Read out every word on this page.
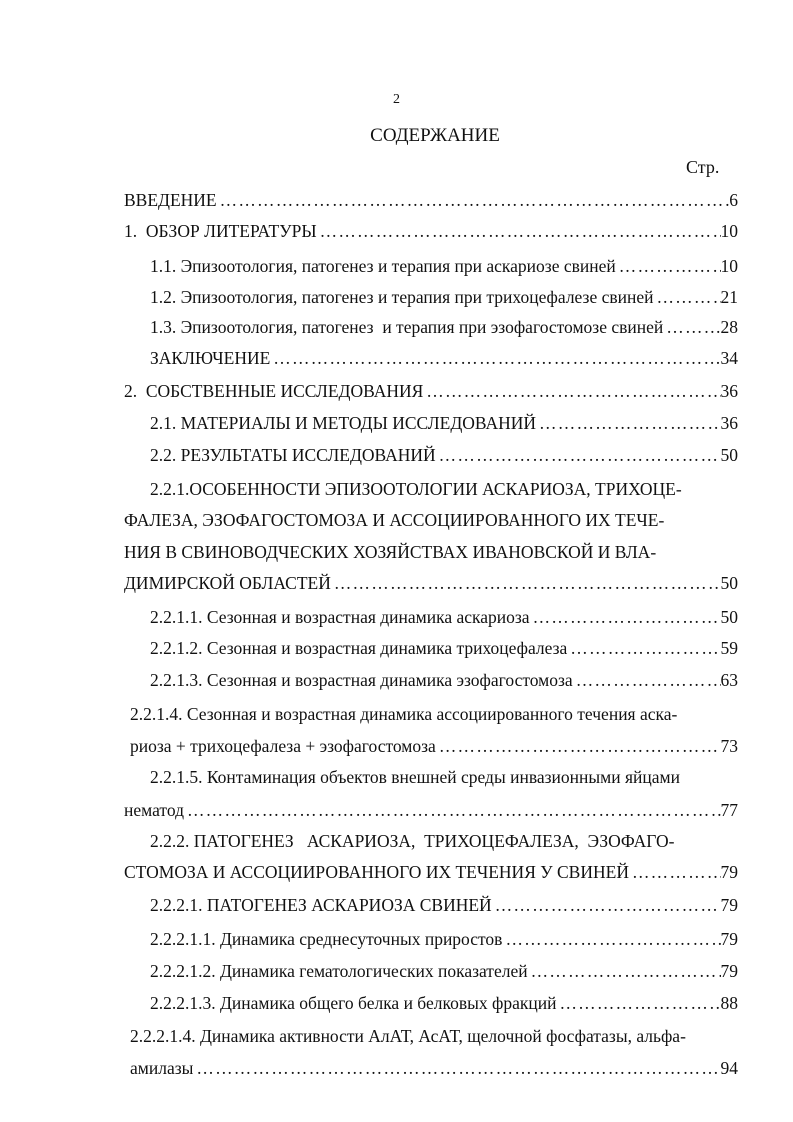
2
СОДЕРЖАНИЕ
Стр.
ВВЕДЕНИЕ ……………………………………………………………………………………………………………………………………	6
1.  ОБЗОР ЛИТЕРАТУРЫ ……………………………………………………………………………………………………………………………………	10
1.1. Эпизоотология, патогенез и терапия при аскариозе свиней ……………………………………………………………………………………………………………………………………	10
1.2. Эпизоотология, патогенез и терапия при трихоцефалезе свиней ……………………………………………………………………………………………………………………………………	21
1.3. Эпизоотология, патогенез  и терапия при эзофагостомозе свиней ……………………………………………………………………………………………………………………………………	28
ЗАКЛЮЧЕНИЕ ……………………………………………………………………………………………………………………………………	34
2.  СОБСТВЕННЫЕ ИССЛЕДОВАНИЯ ……………………………………………………………………………………………………………………………………	36
2.1. МАТЕРИАЛЫ И МЕТОДЫ ИССЛЕДОВАНИЙ ……………………………………………………………………………………………………………………………………	36
2.2. РЕЗУЛЬТАТЫ ИССЛЕДОВАНИЙ ……………………………………………………………………………………………………………………………………	50
2.2.1.ОСОБЕННОСТИ ЭПИЗООТОЛОГИИ АСКАРИОЗА, ТРИХОЦЕ-
ФАЛЕЗА, ЭЗОФАГОСТОМОЗА И АССОЦИИРОВАННОГО ИХ ТЕЧЕ-
НИЯ В СВИНОВОДЧЕСКИХ ХОЗЯЙСТВАХ ИВАНОВСКОЙ И ВЛА-
ДИМИРСКОЙ ОБЛАСТЕЙ ……………………………………………………………………………………………………………………………………	50
2.2.1.1. Сезонная и возрастная динамика аскариоза ……………………………………………………………………………………………………………………………………	50
2.2.1.2. Сезонная и возрастная динамика трихоцефалеза ……………………………………………………………………………………………………………………………………	59
2.2.1.3. Сезонная и возрастная динамика эзофагостомоза ……………………………………………………………………………………………………………………………………	63
2.2.1.4. Сезонная и возрастная динамика ассоциированного течения аска-
риоза + трихоцефалеза + эзофагостомоза ……………………………………………………………………………………………………………………………………	73
2.2.1.5. Контаминация объектов внешней среды инвазионными яйцами
нематод ……………………………………………………………………………………………………………………………………	77
2.2.2. ПАТОГЕНЕЗ   АСКАРИОЗА,  ТРИХОЦЕФАЛЕЗА,  ЭЗОФАГО-
СТОМОЗА И АССОЦИИРОВАННОГО ИХ ТЕЧЕНИЯ У СВИНЕЙ ……………………………………………………………………………………………………………………………………	79
2.2.2.1. ПАТОГЕНЕЗ АСКАРИОЗА СВИНЕЙ ……………………………………………………………………………………………………………………………………	79
2.2.2.1.1. Динамика среднесуточных приростов ……………………………………………………………………………………………………………………………………	79
2.2.2.1.2. Динамика гематологических показателей ……………………………………………………………………………………………………………………………………	79
2.2.2.1.3. Динамика общего белка и белковых фракций ……………………………………………………………………………………………………………………………………	88
2.2.2.1.4. Динамика активности АлАТ, АсАТ, щелочной фосфатазы, альфа-
амилазы ……………………………………………………………………………………………………………………………………	94
